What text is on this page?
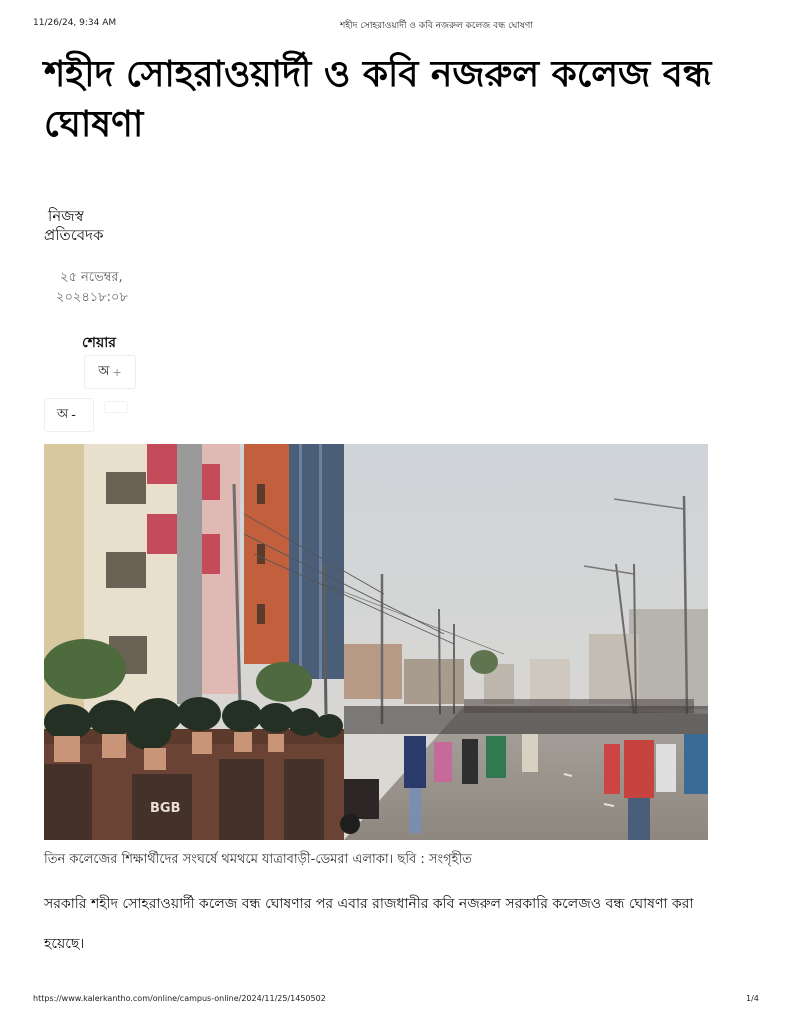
11/26/24, 9:34 AM	শহীদ সোহরাওয়ার্দী ও কবি নজরুল কলেজ বন্ধ ঘোষণা
শহীদ সোহরাওয়ার্দী ও কবি নজরুল কলেজ বন্ধ ঘোষণা
নিজস্ব
প্রতিবেদক
২৫ নভেম্বর,
২০২৪১৮:০৮
শেয়ার
অ +
অ -
BGB
তিন কলেজের শিক্ষার্থীদের সংঘর্ষে থমথমে যাত্রাবাড়ী-ডেমরা এলাকা। ছবি : সংগৃহীত

সরকারি শহীদ সোহরাওয়ার্দী কলেজ বন্ধ ঘোষণার পর এবার রাজধানীর কবি নজরুল সরকারি কলেজও বন্ধ ঘোষণা করা হয়েছে।

https://www.kalerkantho.com/online/campus-online/2024/11/25/1450502	1/4
